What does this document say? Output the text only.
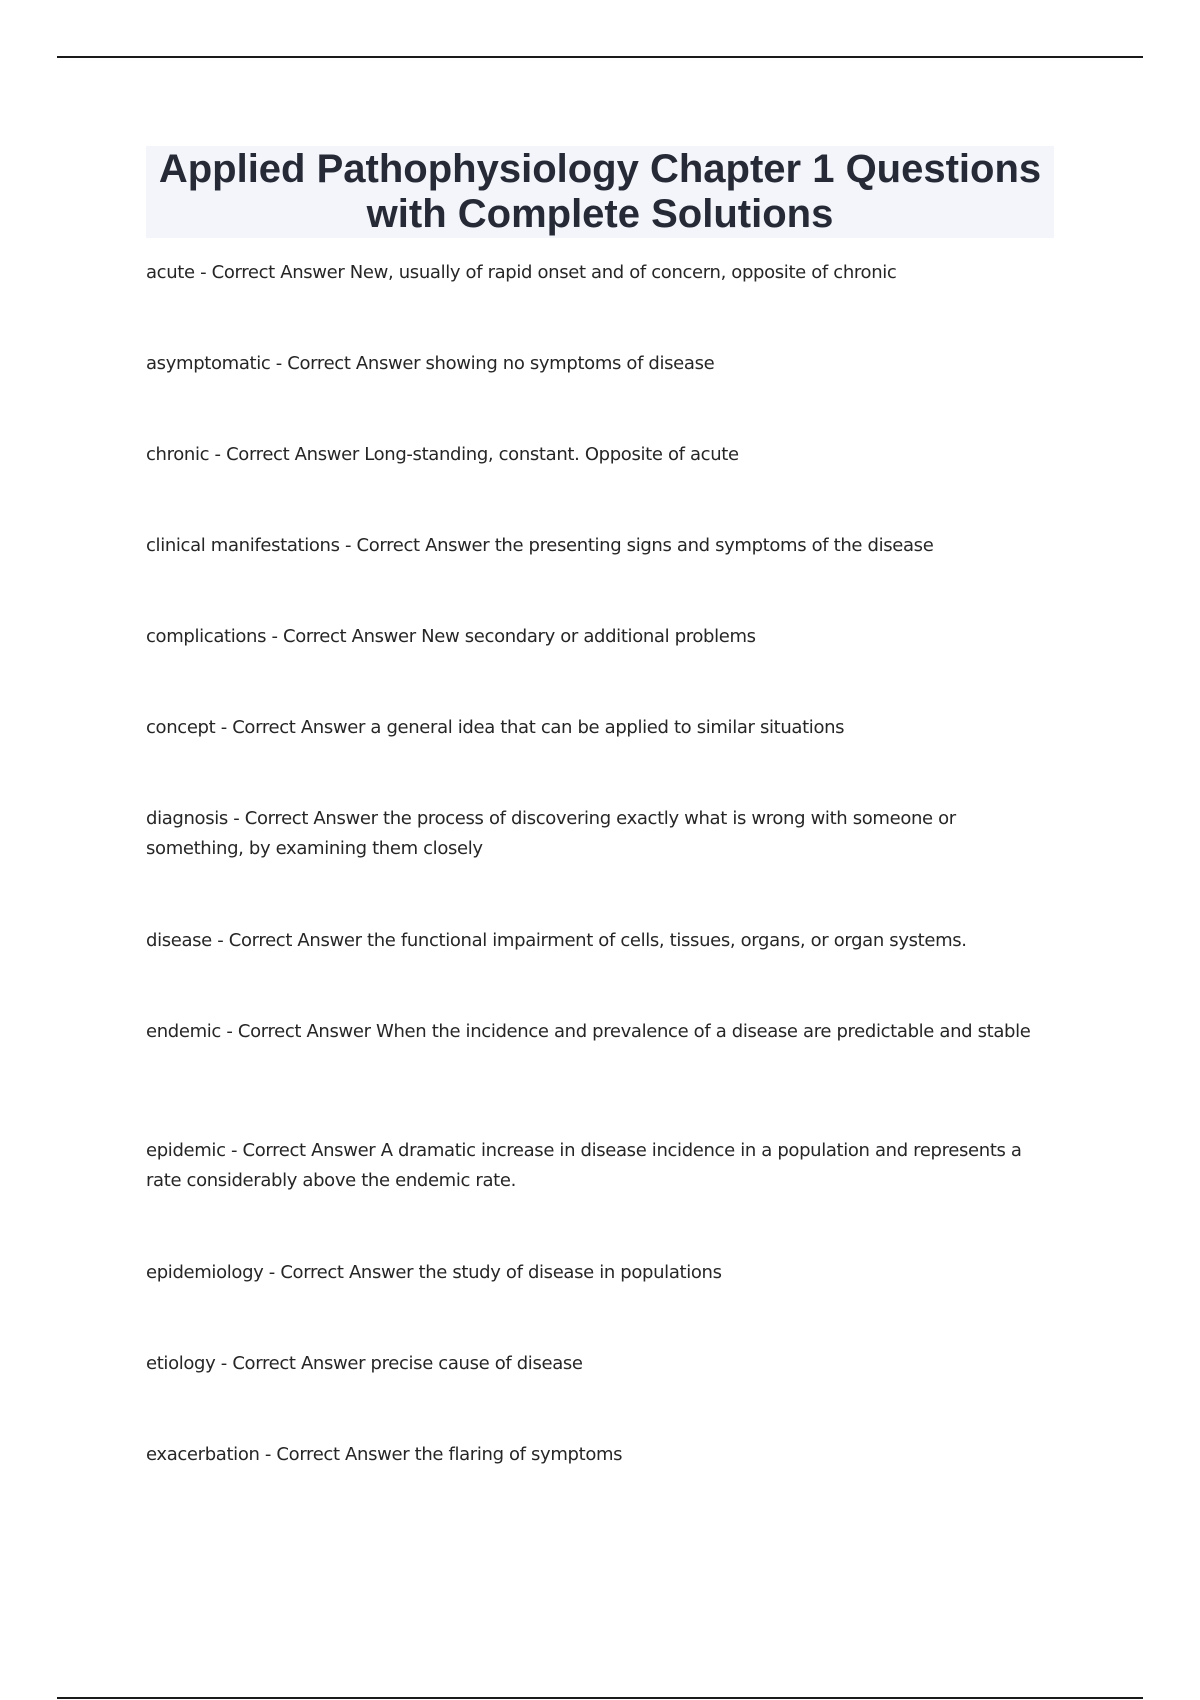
Applied Pathophysiology Chapter 1 Questions
with Complete Solutions
acute - Correct Answer New, usually of rapid onset and of concern, opposite of chronic
asymptomatic - Correct Answer showing no symptoms of disease
chronic - Correct Answer Long-standing, constant. Opposite of acute
clinical manifestations - Correct Answer the presenting signs and symptoms of the disease
complications - Correct Answer New secondary or additional problems
concept - Correct Answer a general idea that can be applied to similar situations
diagnosis - Correct Answer the process of discovering exactly what is wrong with someone or something, by examining them closely
disease - Correct Answer the functional impairment of cells, tissues, organs, or organ systems.
endemic - Correct Answer When the incidence and prevalence of a disease are predictable and stable
epidemic - Correct Answer A dramatic increase in disease incidence in a population and represents a rate considerably above the endemic rate.
epidemiology - Correct Answer the study of disease in populations
etiology - Correct Answer precise cause of disease
exacerbation - Correct Answer the flaring of symptoms
